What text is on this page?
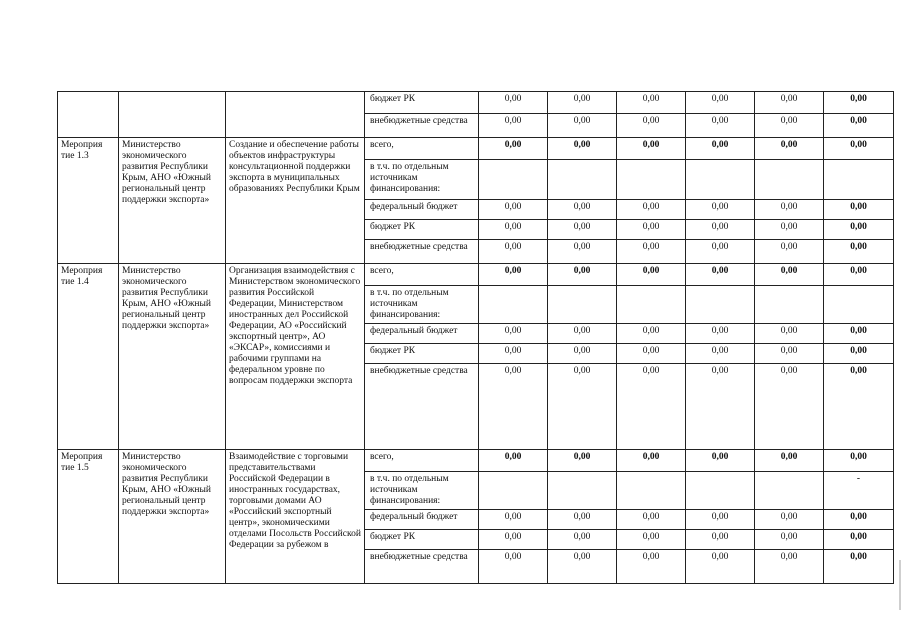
			бюджет РК	0,00	0,00	0,00	0,00	0,00	0,00
			внебюджетные средства	0,00	0,00	0,00	0,00	0,00	0,00
Мероприя тие 1.3	Министерство экономического развития Республики Крым, АНО «Южный региональный центр поддержки экспорта»	Создание и обеспечение работы объектов инфраструктуры консультационной поддержки экспорта в муниципальных образованиях Республики Крым	всего,	0,00	0,00	0,00	0,00	0,00	0,00
			в т.ч. по отдельным источникам финансирования:						
			федеральный бюджет	0,00	0,00	0,00	0,00	0,00	0,00
			бюджет РК	0,00	0,00	0,00	0,00	0,00	0,00
			внебюджетные средства	0,00	0,00	0,00	0,00	0,00	0,00
Мероприя тие 1.4	Министерство экономического развития Республики Крым, АНО «Южный региональный центр поддержки экспорта»	Организация взаимодействия с Министерством экономического развития Российской Федерации, Министерством иностранных дел Российской Федерации, АО «Российский экспортный центр», АО «ЭКСАР», комиссиями и рабочими группами на федеральном уровне по вопросам поддержки экспорта	всего,	0,00	0,00	0,00	0,00	0,00	0,00
			в т.ч. по отдельным источникам финансирования:						
			федеральный бюджет	0,00	0,00	0,00	0,00	0,00	0,00
			бюджет РК	0,00	0,00	0,00	0,00	0,00	0,00
			внебюджетные средства	0,00	0,00	0,00	0,00	0,00	0,00
Мероприя тие 1.5	Министерство экономического развития Республики Крым, АНО «Южный региональный центр поддержки экспорта»	Взаимодействие с торговыми представительствами Российской Федерации в иностранных государствах, торговыми домами АО «Российский экспортный центр», экономическими отделами Посольств Российской Федерации за рубежом в	всего,	0,00	0,00	0,00	0,00	0,00	0,00
			в т.ч. по отдельным источникам финансирования:						-
			федеральный бюджет	0,00	0,00	0,00	0,00	0,00	0,00
			бюджет РК	0,00	0,00	0,00	0,00	0,00	0,00
			внебюджетные средства	0,00	0,00	0,00	0,00	0,00	0,00
